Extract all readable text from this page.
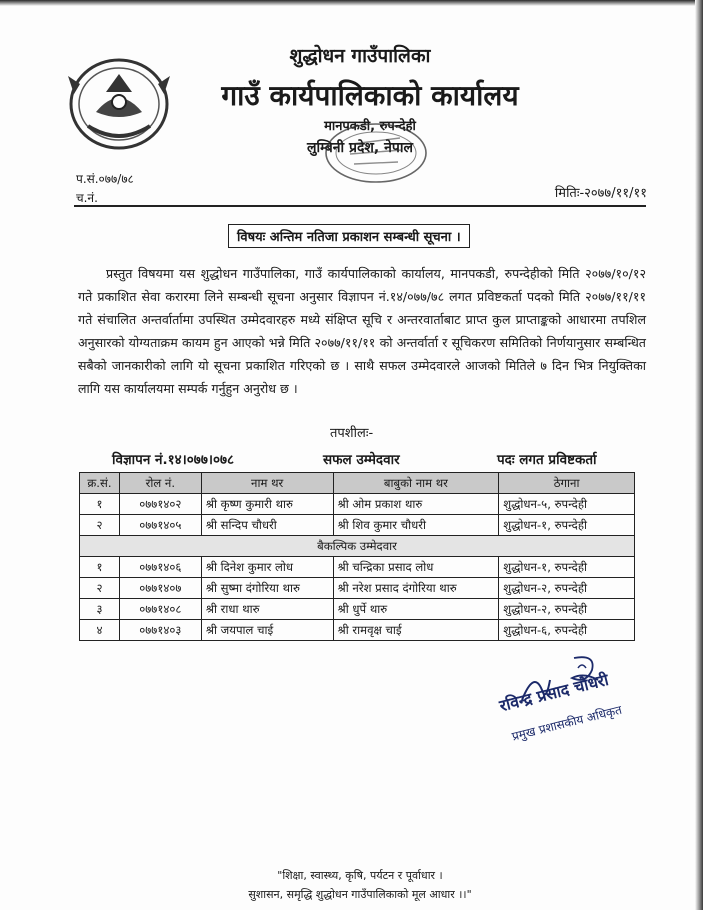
शुद्धोधन गाउँपालिका
गाउँ कार्यपालिकाको कार्यालय
मानपकडी, रुपन्देही
लुम्बिनी प्रदेश, नेपाल
प.सं.०७७/७८
च.नं.	मितिः-२०७७/११/११
विषयः अन्तिम नतिजा प्रकाशन सम्बन्धी सूचना ।

प्रस्तुत विषयमा यस शुद्धोधन गाउँपालिका, गाउँ कार्यपालिकाको कार्यालय, मानपकडी, रुपन्देहीको मिति २०७७/१०/१२ गते प्रकाशित सेवा करारमा लिने सम्बन्धी सूचना अनुसार विज्ञापन नं.१४/०७७/७८ लगत प्रविष्टकर्ता पदको मिति २०७७/११/११ गते संचालित अन्तर्वार्तामा उपस्थित उम्मेदवारहरु मध्ये संक्षिप्त सूचि र अन्तरवार्ताबाट प्राप्त कुल प्राप्ताङ्कको आधारमा तपशिल अनुसारको योग्यताक्रम कायम हुन आएको भन्ने मिति २०७७/११/११ को अन्तर्वार्ता र सूचिकरण समितिको निर्णयानुसार सम्बन्धित सबैको जानकारीको लागि यो सूचना प्रकाशित गरिएको छ । साथै सफल उम्मेदवारले आजको मितिले ७ दिन भित्र नियुक्तिका लागि यस कार्यालयमा सम्पर्क गर्नुहुन अनुरोध छ ।

तपशीलः-
विज्ञापन नं.१४।०७७।०७८	सफल उम्मेदवार	पदः लगत प्रविष्टकर्ता
क्र.सं.	रोल नं.	नाम थर	बाबुको नाम थर	ठेगाना
१	०७७१४०२	श्री कृष्ण कुमारी थारु	श्री ओम प्रकाश थारु	शुद्धोधन-५, रुपन्देही
२	०७७१४०५	श्री सन्दिप चौधरी	श्री शिव कुमार चौधरी	शुद्धोधन-१, रुपन्देही
बैकल्पिक उम्मेदवार				
१	०७७१४०६	श्री दिनेश कुमार लोध	श्री चन्द्रिका प्रसाद लोध	शुद्धोधन-१, रुपन्देही
२	०७७१४०७	श्री सुष्मा दंगोरिया थारु	श्री नरेश प्रसाद दंगोरिया थारु	शुद्धोधन-२, रुपन्देही
३	०७७१४०८	श्री राधा थारु	श्री धुर्पे थारु	शुद्धोधन-२, रुपन्देही
४	०७७१४०३	श्री जयपाल चाई	श्री रामवृक्ष चाई	शुद्धोधन-६, रुपन्देही
रविन्द्र प्रसाद चौधरी
प्रमुख प्रशासकीय अधिकृत
"शिक्षा, स्वास्थ्य, कृषि, पर्यटन र पूर्वाधार ।
सुशासन, समृद्धि शुद्धोधन गाउँपालिकाको मूल आधार ।।"
